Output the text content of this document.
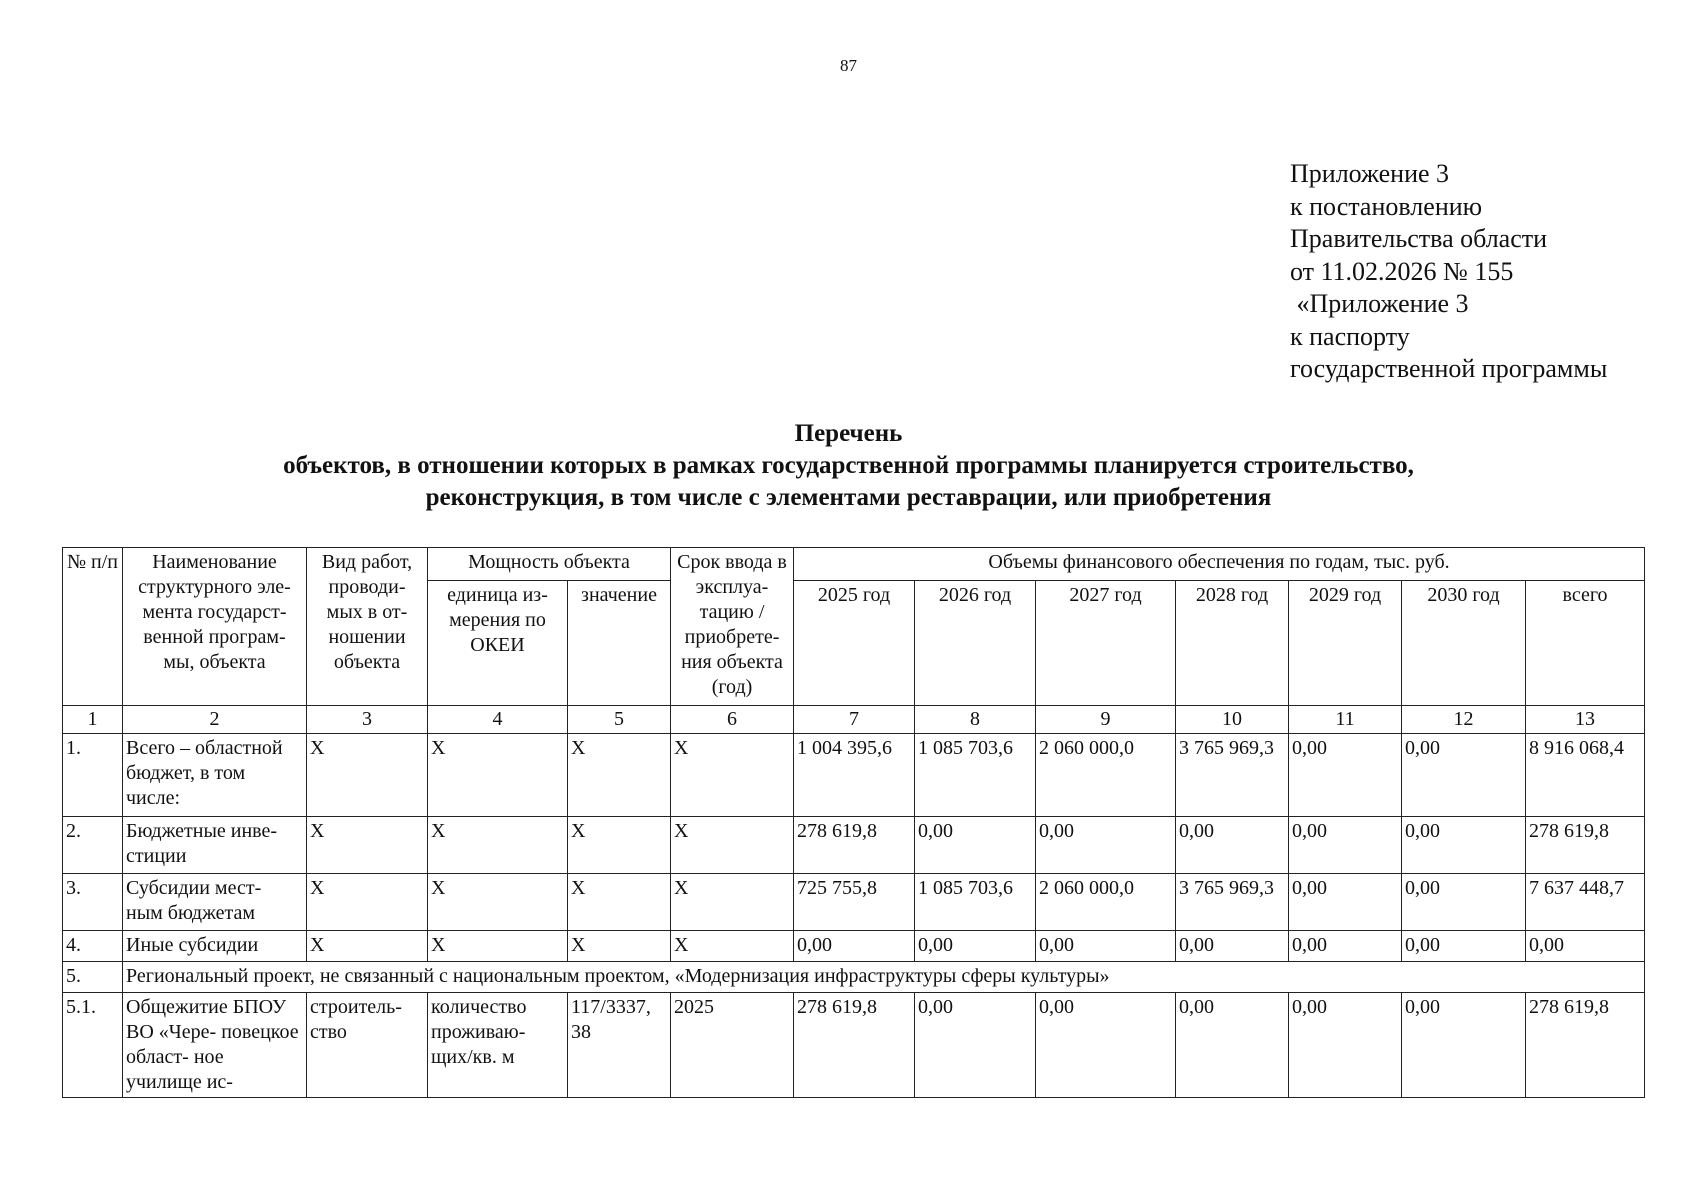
87
Приложение 3
к постановлению
Правительства области
от 11.02.2026 № 155
«Приложение 3
к паспорту
государственной программы
Перечень
объектов, в отношении которых в рамках государственной программы планируется строительство,
реконструкция, в том числе с элементами реставрации, или приобретения
№ п/п	Наименование структурного эле- мента государст- венной програм- мы, объекта	Вид работ, проводи- мых в от- ношении объекта	Мощность объекта		Срок ввода в эксплуа- тацию / приобрете- ния объекта (год)	Объемы финансового обеспечения по годам, тыс. руб.						
			единица из- мерения по ОКЕИ	значение		2025 год	2026 год	2027 год	2028 год	2029 год	2030 год	всего
1	2	3	4	5	6	7	8	9	10	11	12	13
1.	Всего – областной бюджет, в том числе:	Х	Х	Х	Х	1 004 395,6	1 085 703,6	2 060 000,0	3 765 969,3	0,00	0,00	8 916 068,4
2.	Бюджетные инве- стиции	Х	Х	Х	Х	278 619,8	0,00	0,00	0,00	0,00	0,00	278 619,8
3.	Субсидии мест- ным бюджетам	Х	Х	Х	Х	725 755,8	1 085 703,6	2 060 000,0	3 765 969,3	0,00	0,00	7 637 448,7
4.	Иные субсидии	Х	Х	Х	Х	0,00	0,00	0,00	0,00	0,00	0,00	0,00
5.	Региональный проект, не связанный с национальным проектом, «Модернизация инфраструктуры сферы культуры»											
5.1.	Общежитие БПОУ ВО «Чере- повецкое област- ное училище ис-	строитель- ство	количество проживаю- щих/кв. м	117/3337, 38	2025	278 619,8	0,00	0,00	0,00	0,00	0,00	278 619,8
